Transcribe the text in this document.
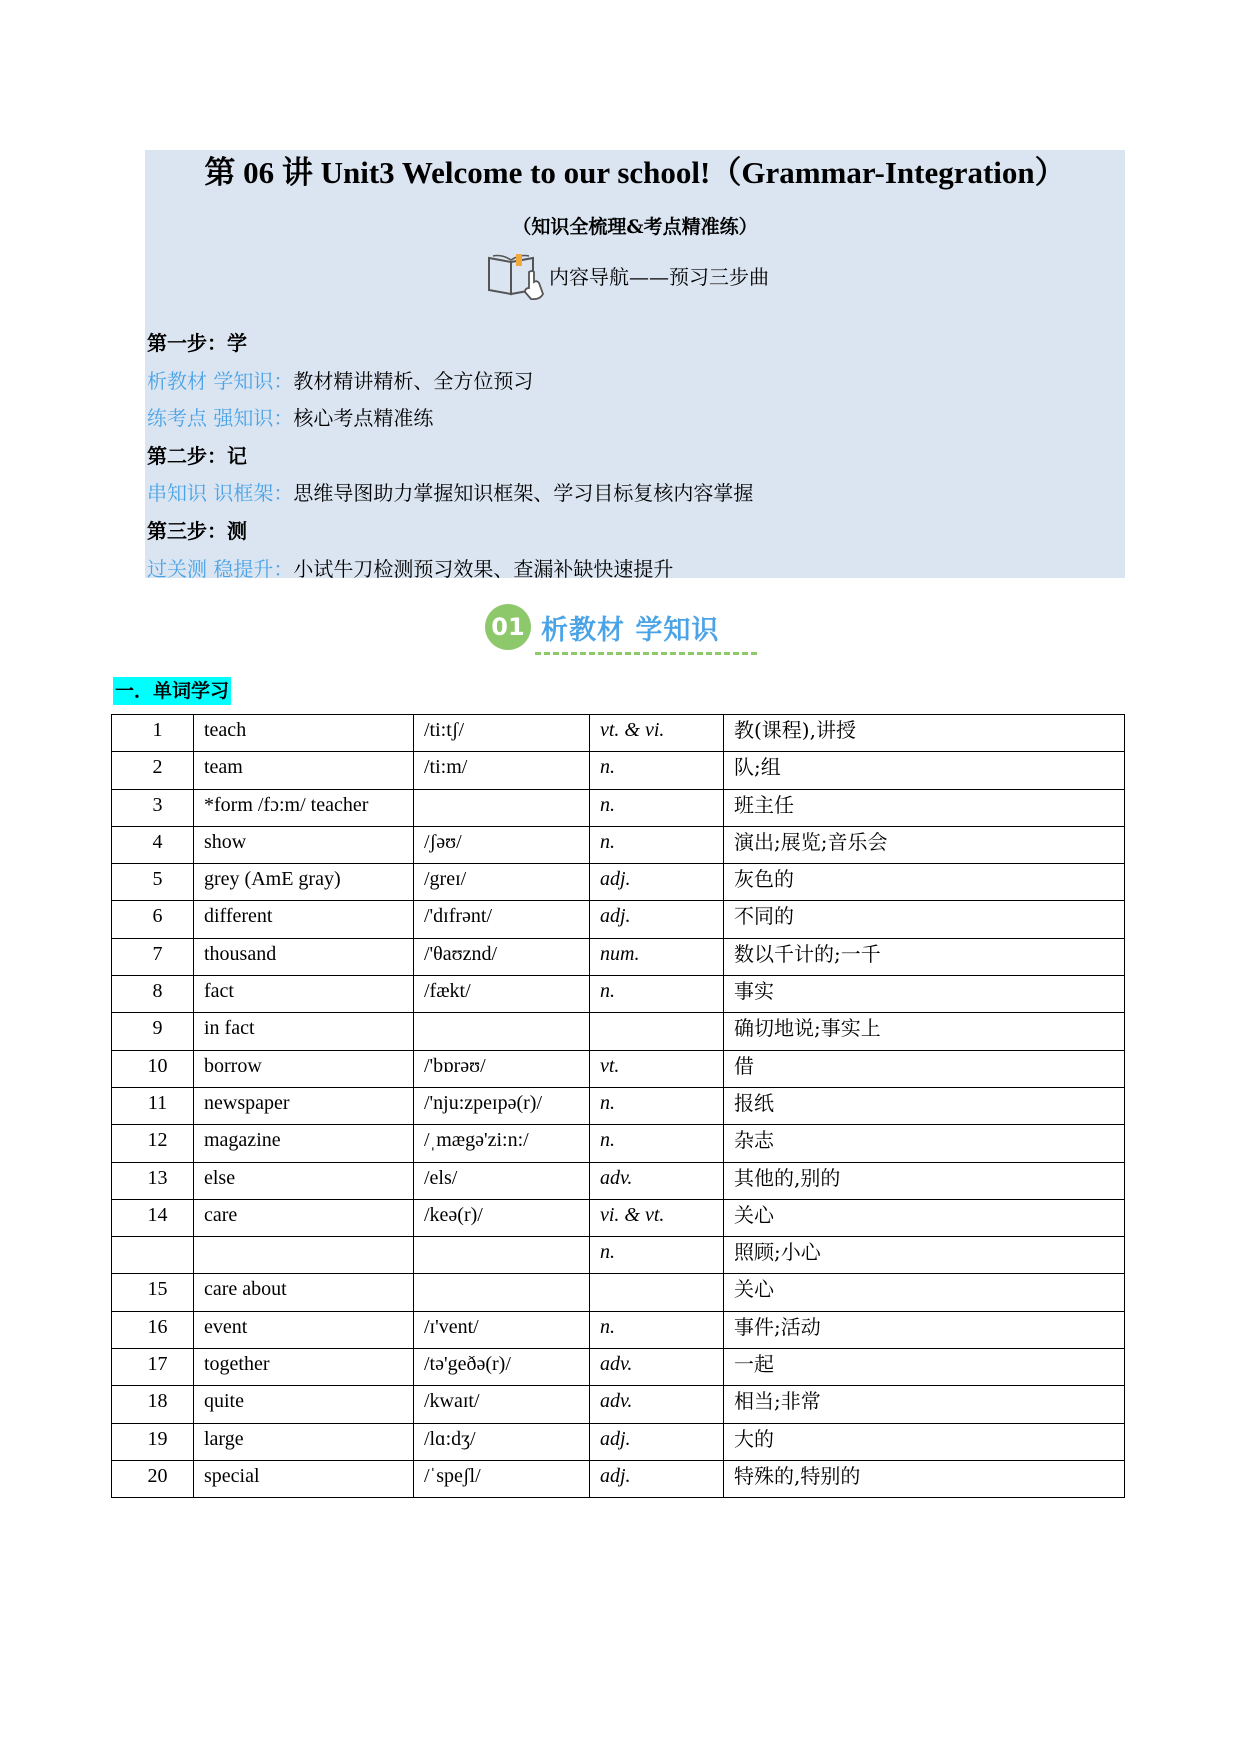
第 06 讲 Unit3 Welcome to our school!（Grammar-Integration）
（知识全梳理&考点精准练）
内容导航——预习三步曲
第一步：学
析教材 学知识：教材精讲精析、全方位预习
练考点 强知识：核心考点精准练
第二步：记
串知识 识框架：思维导图助力掌握知识框架、学习目标复核内容掌握
第三步：测
过关测 稳提升：小试牛刀检测预习效果、查漏补缺快速提升
01 析教材 学知识
一．单词学习
1	teach	/ti:tʃ/	vt. & vi.	教(课程),讲授
2	team	/ti:m/	n.	队;组
3	*form /fɔ:m/ teacher		n.	班主任
4	show	/ʃəʊ/	n.	演出;展览;音乐会
5	grey (AmE gray)	/greɪ/	adj.	灰色的
6	different	/'dɪfrənt/	adj.	不同的
7	thousand	/'θaʊznd/	num.	数以千计的;一千
8	fact	/fækt/	n.	事实
9	in fact			确切地说;事实上
10	borrow	/'bɒrəʊ/	vt.	借
11	newspaper	/'nju:zpeɪpə(r)/	n.	报纸
12	magazine	/ˌmægə'zi:n:/	n.	杂志
13	else	/els/	adv.	其他的,别的
14	care	/keə(r)/	vi. & vt.	关心
			n.	照顾;小心
15	care about			关心
16	event	/ɪ'vent/	n.	事件;活动
17	together	/tə'geðə(r)/	adv.	一起
18	quite	/kwaɪt/	adv.	相当;非常
19	large	/lɑ:dʒ/	adj.	大的
20	special	/ˈspeʃl/	adj.	特殊的,特别的
